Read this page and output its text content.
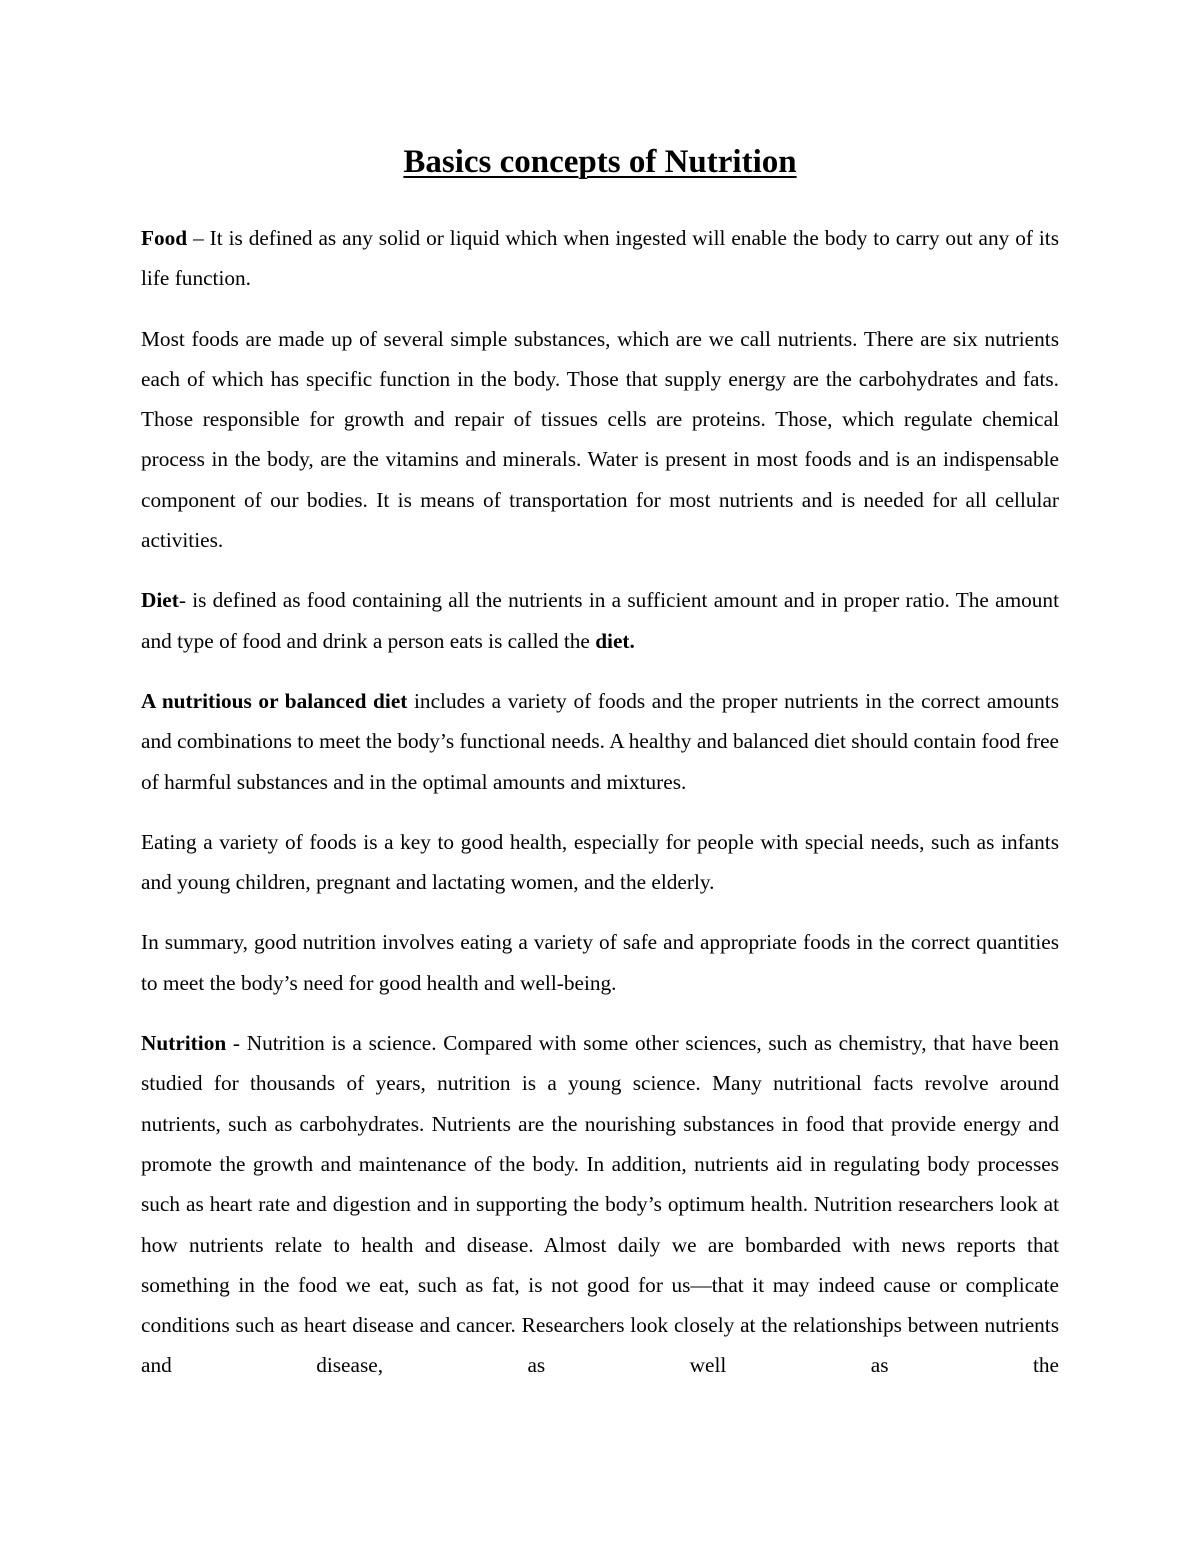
Basics concepts of Nutrition

Food – It is defined as any solid or liquid which when ingested will enable the body to carry out any of its life function.

Most foods are made up of several simple substances, which are we call nutrients. There are six nutrients each of which has specific function in the body. Those that supply energy are the carbohydrates and fats. Those responsible for growth and repair of tissues cells are proteins. Those, which regulate chemical process in the body, are the vitamins and minerals. Water is present in most foods and is an indispensable component of our bodies. It is means of transportation for most nutrients and is needed for all cellular activities.

Diet- is defined as food containing all the nutrients in a sufficient amount and in proper ratio. The amount and type of food and drink a person eats is called the diet.

A nutritious or balanced diet includes a variety of foods and the proper nutrients in the correct amounts and combinations to meet the body’s functional needs. A healthy and balanced diet should contain food free of harmful substances and in the optimal amounts and mixtures.

Eating a variety of foods is a key to good health, especially for people with special needs, such as infants and young children, pregnant and lactating women, and the elderly.

In summary, good nutrition involves eating a variety of safe and appropriate foods in the correct quantities to meet the body’s need for good health and well-being.

Nutrition - Nutrition is a science. Compared with some other sciences, such as chemistry, that have been studied for thousands of years, nutrition is a young science. Many nutritional facts revolve around nutrients, such as carbohydrates. Nutrients are the nourishing substances in food that provide energy and promote the growth and maintenance of the body. In addition, nutrients aid in regulating body processes such as heart rate and digestion and in supporting the body’s optimum health. Nutrition researchers look at how nutrients relate to health and disease. Almost daily we are bombarded with news reports that something in the food we eat, such as fat, is not good for us—that it may indeed cause or complicate conditions such as heart disease and cancer. Researchers look closely at the relationships between nutrients and disease, as well as the
